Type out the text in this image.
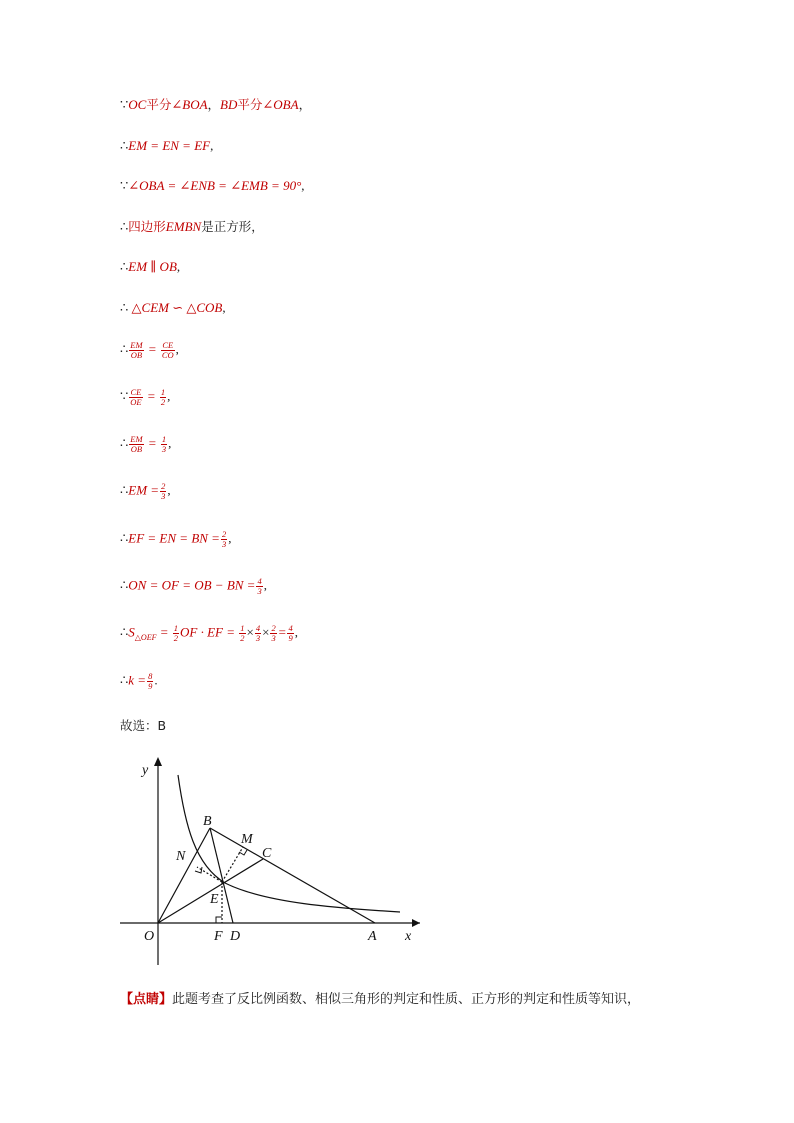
∵OC平分∠BOA，BD平分∠OBA，
∴EM = EN = EF,
∵∠OBA = ∠ENB = ∠EMB = 90°,
∴四边形EMBN是正方形，
∴EM ∥ OB,
∴ △CEM ∽ △COB,
∴ $\frac{EM}{OB} = \frac{CE}{CO}$ ,
∵ $\frac{CE}{OE} = \frac{1}{2}$ ,
∴ $\frac{EM}{OB} = \frac{1}{3}$ ,
∴EM = $\frac{2}{3}$ ,
∴EF = EN = BN = $\frac{2}{3}$ ,
∴ON = OF = OB − BN = $\frac{4}{3}$ ,
$\therefore S_{\triangle OEF} = \frac{1}{2}$ OF · EF = $\frac{1}{2} \times \frac{4}{3} \times \frac{2}{3} = \frac{4}{9}$ ,
∴k = $\frac{8}{9}$ .
故选：B
y
x
O
B
M
C
N
E
F D	A
【点睛】此题考查了反比例函数、相似三角形的判定和性质、正方形的判定和性质等知识，
